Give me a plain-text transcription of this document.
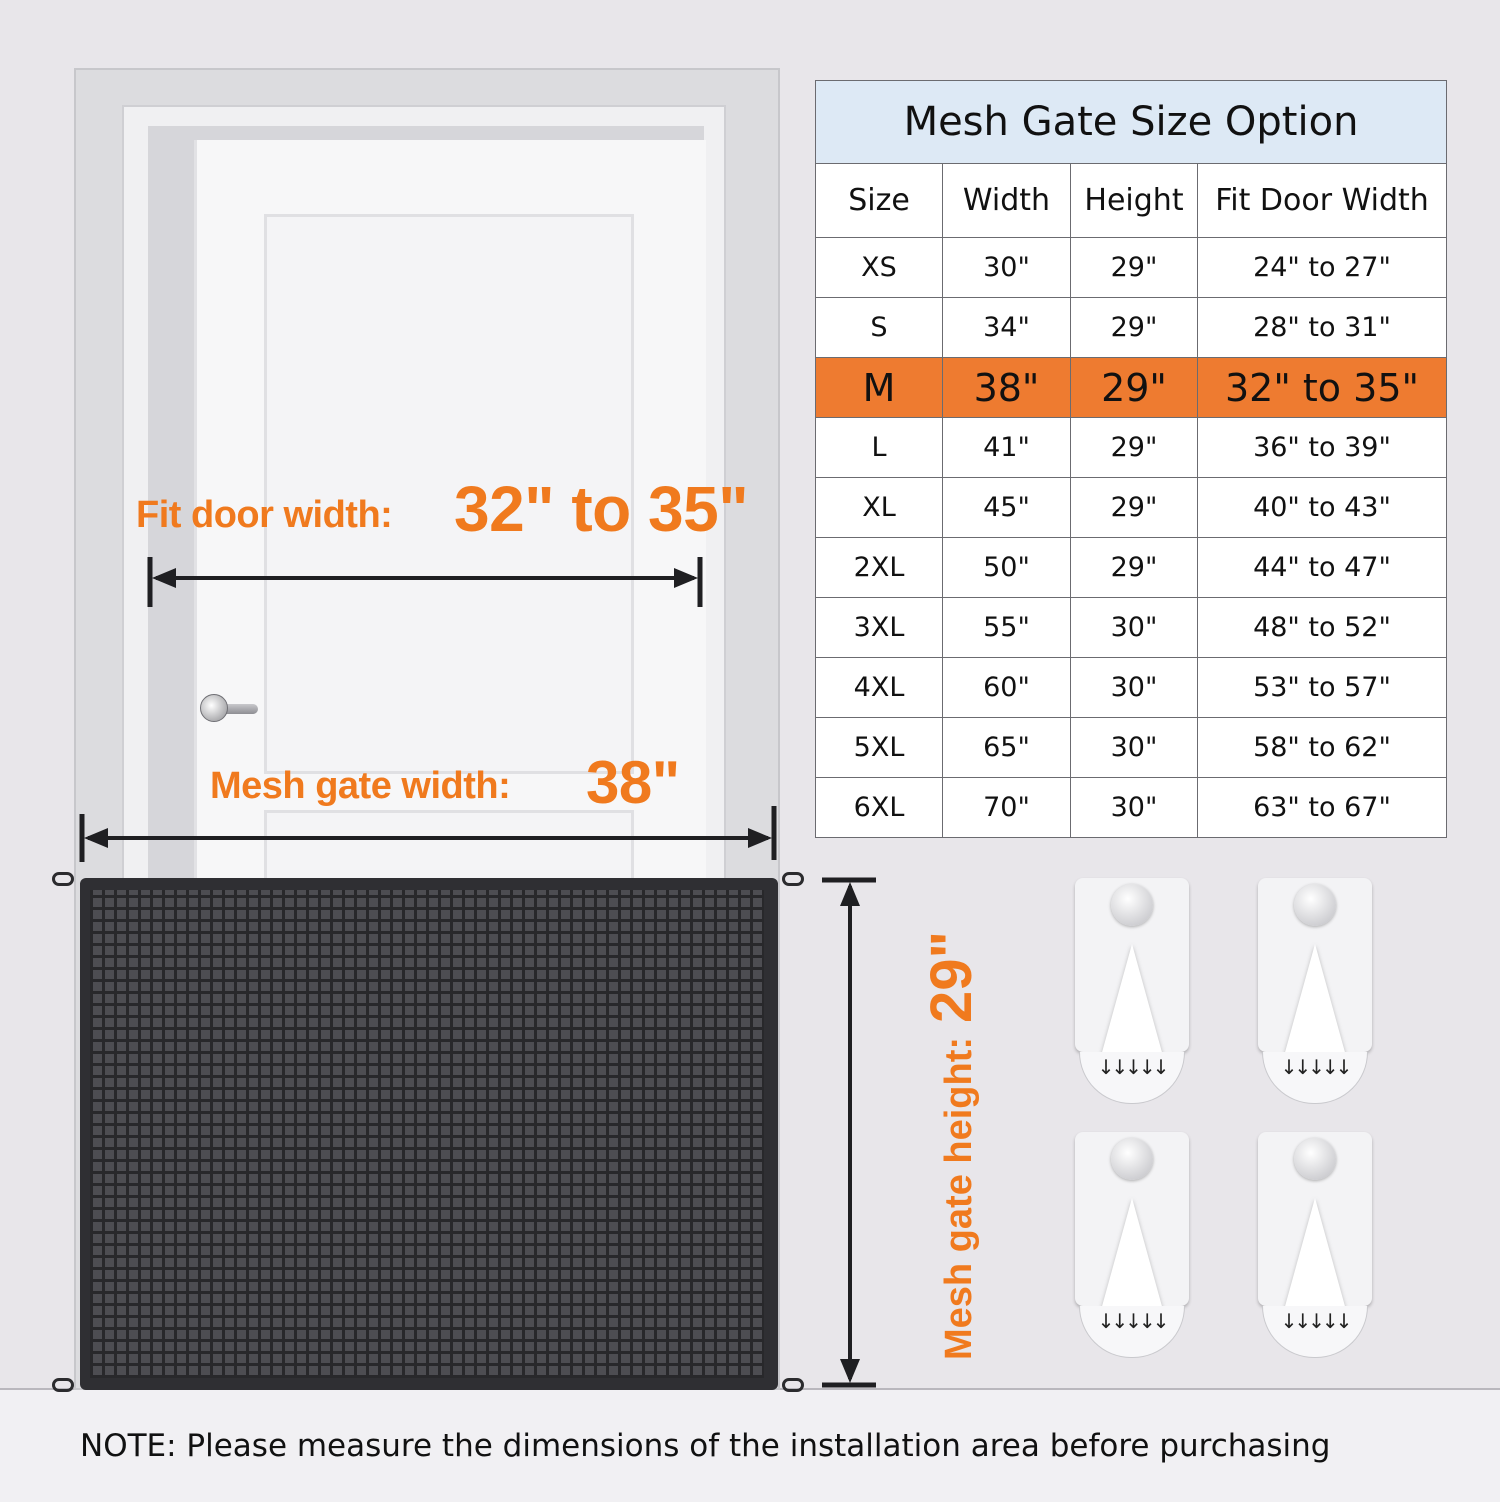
Fit door width: 32" to 35"
Mesh gate width: 38"
Mesh gate height:29"
Mesh Gate Size Option			
Size	Width	Height	Fit Door Width
XS	30"	29"	24" to 27"
S	34"	29"	28" to 31"
M	38"	29"	32" to 35"
L	41"	29"	36" to 39"
XL	45"	29"	40" to 43"
2XL	50"	29"	44" to 47"
3XL	55"	30"	48" to 52"
4XL	60"	30"	53" to 57"
5XL	65"	30"	58" to 62"
6XL	70"	30"	63" to 67"
↓↓↓↓↓	↓↓↓↓↓
↓↓↓↓↓	↓↓↓↓↓
NOTE: Please measure the dimensions of the installation area before purchasing
